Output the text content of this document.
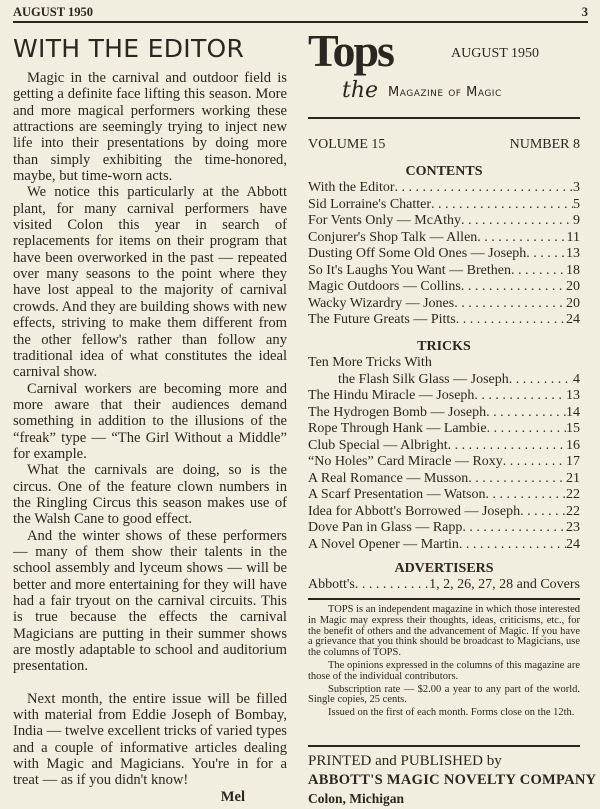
AUGUST 1950	3
WITH THE EDITOR

Magic in the carnival and outdoor field is getting a definite face lifting this season. More and more magical performers working these attractions are seemingly trying to inject new life into their presentations by doing more than simply exhibiting the time-honored, maybe, but time-worn acts.

We notice this particularly at the Abbott plant, for many carnival performers have visited Colon this year in search of replacements for items on their program that have been overworked in the past — repeated over many seasons to the point where they have lost appeal to the majority of carnival crowds. And they are building shows with new effects, striving to make them different from the other fellow's rather than follow any traditional idea of what constitutes the ideal carnival show.

Carnival workers are becoming more and more aware that their audiences demand something in addition to the illusions of the “freak” type — “The Girl Without a Middle” for example.

What the carnivals are doing, so is the circus. One of the feature clown numbers in the Ringling Circus this season makes use of the Walsh Cane to good effect.

And the winter shows of these performers — many of them show their talents in the school assembly and lyceum shows — will be better and more entertaining for they will have had a fair tryout on the carnival circuits. This is true because the effects the carnival Magicians are putting in their summer shows are mostly adaptable to school and auditorium presentation.

Next month, the entire issue will be filled with material from Eddie Joseph of Bombay, India — twelve excellent tricks of varied types and a couple of informative articles dealing with Magic and Magicians. You're in for a treat — as if you didn't know!

Mel
Tops
the Magazine of Magic
AUGUST 1950
VOLUME 15	NUMBER 8
CONTENTS
With the Editor . . .	3
Sid Lorraine's Chatter . . .	5
For Vents Only — McAthy . . .	9
Conjurer's Shop Talk — Allen . . .	11
Dusting Off Some Old Ones — Joseph . . .	13
So It's Laughs You Want — Brethen . . .	18
Magic Outdoors — Collins . . .	20
Wacky Wizardry — Jones . . .	20
The Future Greats — Pitts . . .	24
TRICKS
Ten More Tricks With
the Flash Silk Glass — Joseph . . .	4
The Hindu Miracle — Joseph . . .	13
The Hydrogen Bomb — Joseph . . .	14
Rope Through Hank — Lambie . . .	15
Club Special — Albright . . .	16
“No Holes” Card Miracle — Roxy . . .	17
A Real Romance — Musson . . .	21
A Scarf Presentation — Watson . . .	22
Idea for Abbott's Borrowed — Joseph . . .	22
Dove Pan in Glass — Rapp . . .	23
A Novel Opener — Martin . . .	24
ADVERTISERS
Abbott's . . .	1, 2, 26, 27, 28 and Covers

TOPS is an independent magazine in which those interested in Magic may express their thoughts, ideas, criticisms, etc., for the benefit of others and the advancement of Magic. If you have a grievance that you think should be broadcast to Magicians, use the columns of TOPS.

The opinions expressed in the columns of this magazine are those of the individual contributors.

Subscription rate — $2.00 a year to any part of the world. Single copies, 25 cents.

Issued on the first of each month. Forms close on the 12th.

PRINTED and PUBLISHED by
ABBOTT'S MAGIC NOVELTY COMPANY
Colon, Michigan
